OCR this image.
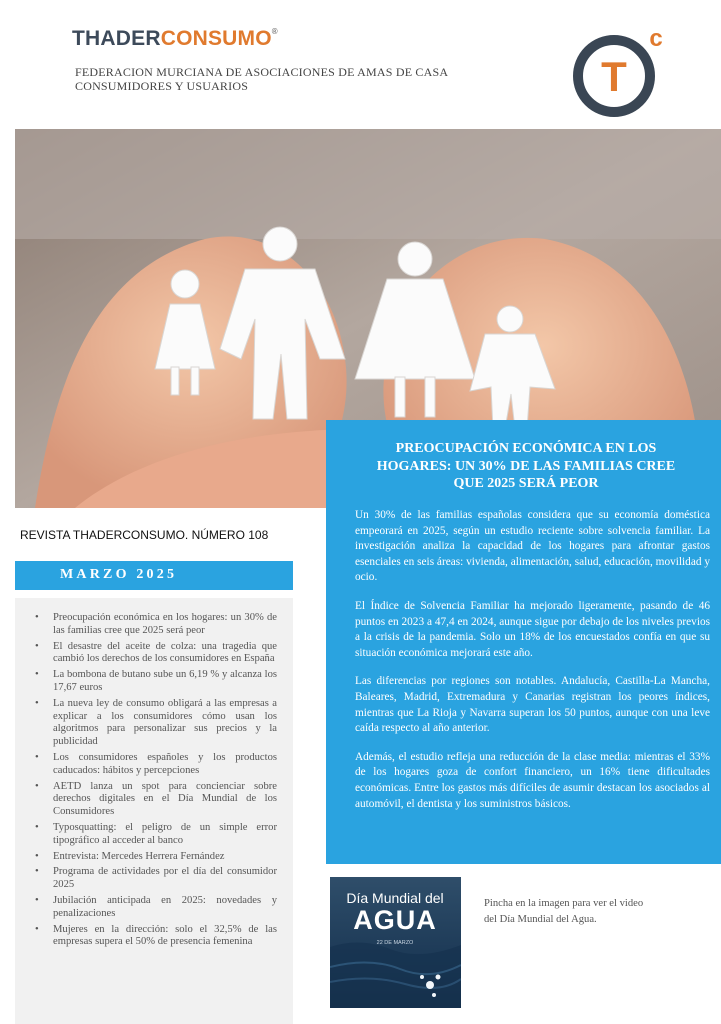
THADERCONSUMO®
FEDERACION MURCIANA DE ASOCIACIONES DE AMAS DE CASA
CONSUMIDORES Y USUARIOS	T
c
REVISTA THADERCONSUMO. NÚMERO 108
MARZO 2025
• Preocupación económica en los hogares: un 30% de las familias cree que 2025 será peor
• El desastre del aceite de colza: una tragedia que cambió los derechos de los consumidores en España
• La bombona de butano sube un 6,19 % y alcanza los 17,67 euros
• La nueva ley de consumo obligará a las empresas a explicar a los consumidores cómo usan los algoritmos para personalizar sus precios y la publicidad
• Los consumidores españoles y los productos caducados: hábitos y percepciones
• AETD lanza un spot para concienciar sobre derechos digitales en el Día Mundial de los Consumidores
• Typosquatting: el peligro de un simple error tipográfico al acceder al banco
• Entrevista: Mercedes Herrera Fernández
• Programa de actividades por el día del consumidor 2025
• Jubilación anticipada en 2025: novedades y penalizaciones
• Mujeres en la dirección: solo el 32,5% de las empresas supera el 50% de presencia femenina
PREOCUPACIÓN ECONÓMICA EN LOS HOGARES: UN 30% DE LAS FAMILIAS CREE QUE 2025 SERÁ PEOR

Un 30% de las familias españolas considera que su economía doméstica empeorará en 2025, según un estudio reciente sobre solvencia familiar. La investigación analiza la capacidad de los hogares para afrontar gastos esenciales en seis áreas: vivienda, alimentación, salud, educación, movilidad y ocio.

El Índice de Solvencia Familiar ha mejorado ligeramente, pasando de 46 puntos en 2023 a 47,4 en 2024, aunque sigue por debajo de los niveles previos a la crisis de la pandemia. Solo un 18% de los encuestados confía en que su situación económica mejorará este año.

Las diferencias por regiones son notables. Andalucía, Castilla-La Mancha, Baleares, Madrid, Extremadura y Canarias registran los peores índices, mientras que La Rioja y Navarra superan los 50 puntos, aunque con una leve caída respecto al año anterior.

Además, el estudio refleja una reducción de la clase media: mientras el 33% de los hogares goza de confort financiero, un 16% tiene dificultades económicas. Entre los gastos más difíciles de asumir destacan los asociados al automóvil, el dentista y los suministros básicos.

Día Mundial del
AGUA
22 DE MARZO
Pincha en la imagen para ver el video del Día Mundial del Agua.
